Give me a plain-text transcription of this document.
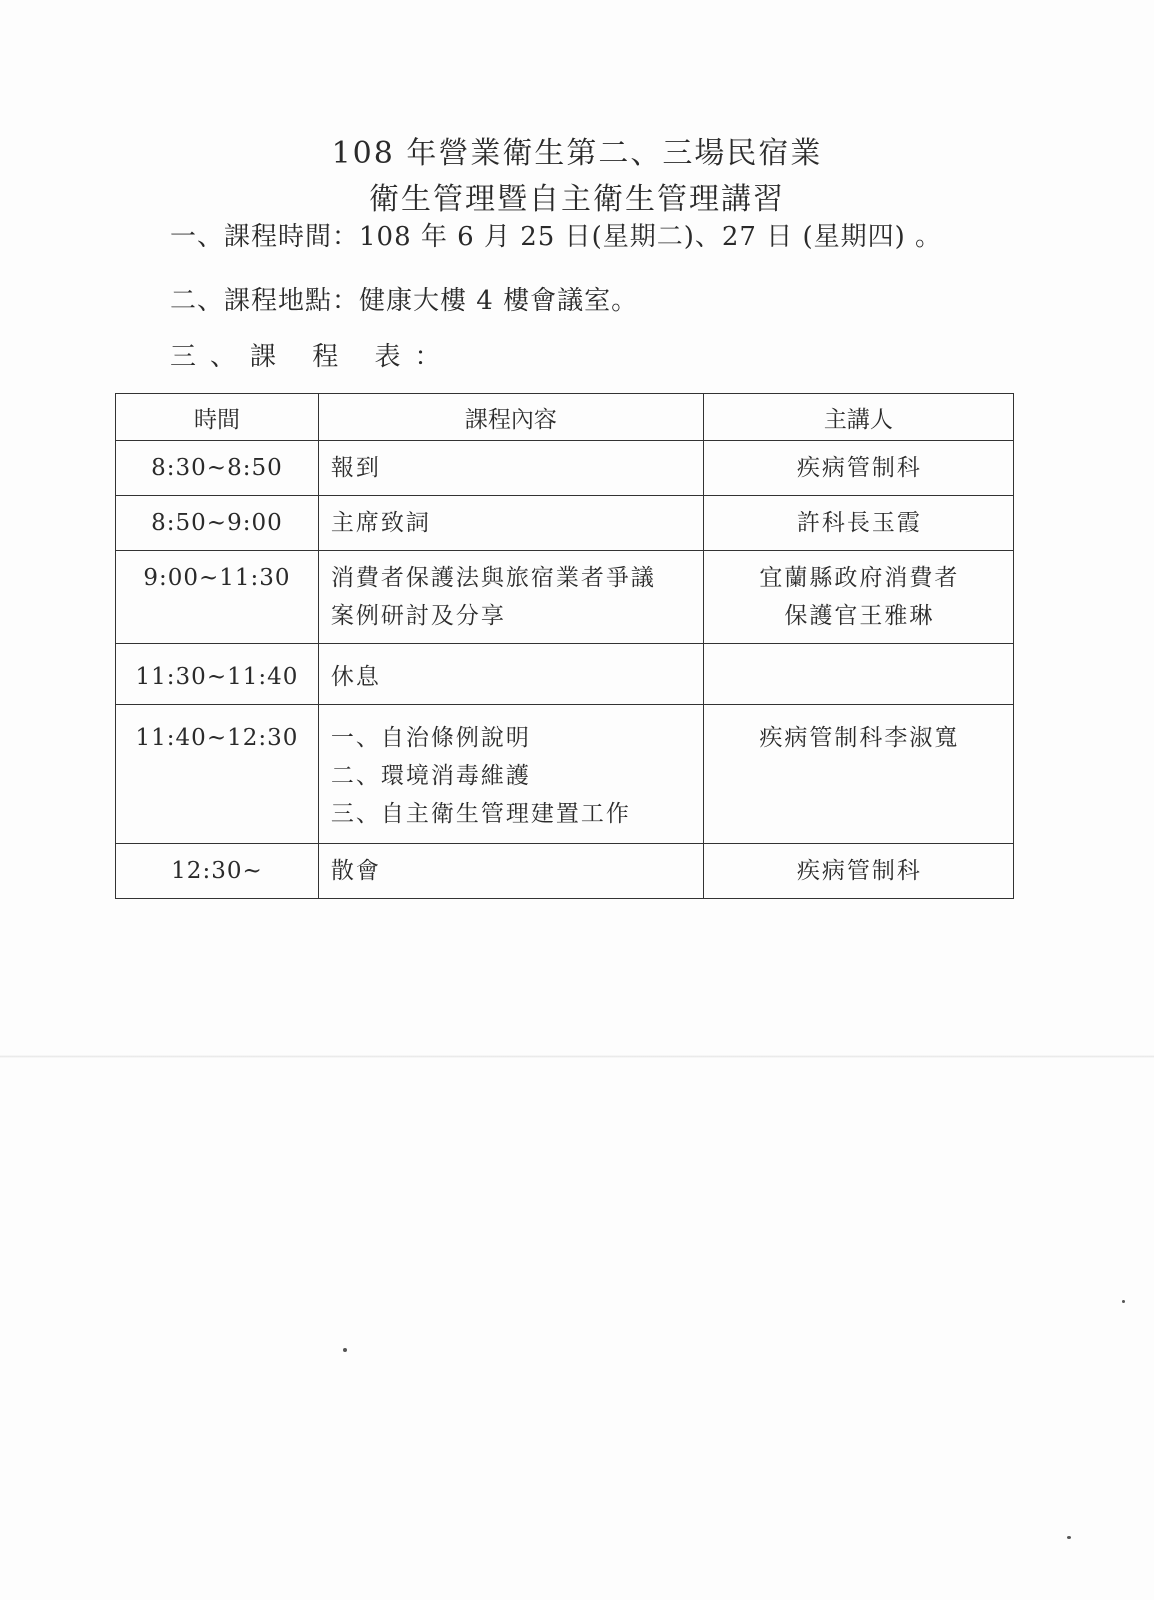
108 年營業衛生第二、三場民宿業
衛生管理暨自主衛生管理講習
一、課程時間：108 年 6 月 25 日(星期二)、27 日 (星期四) 。
二、課程地點：健康大樓 4 樓會議室。
三、課 程 表：
時間	課程內容	主講人

8:30~8:50	報到	疾病管制科

8:50~9:00	主席致詞	許科長玉霞

9:00~11:30	消費者保護法與旅宿業者爭議
案例研討及分享	宜蘭縣政府消費者
保護官王雅琳

11:30~11:40	休息	

11:40~12:30	一、自治條例說明
二、環境消毒維護
三、自主衛生管理建置工作	疾病管制科李淑寬

12:30~	散會	疾病管制科
